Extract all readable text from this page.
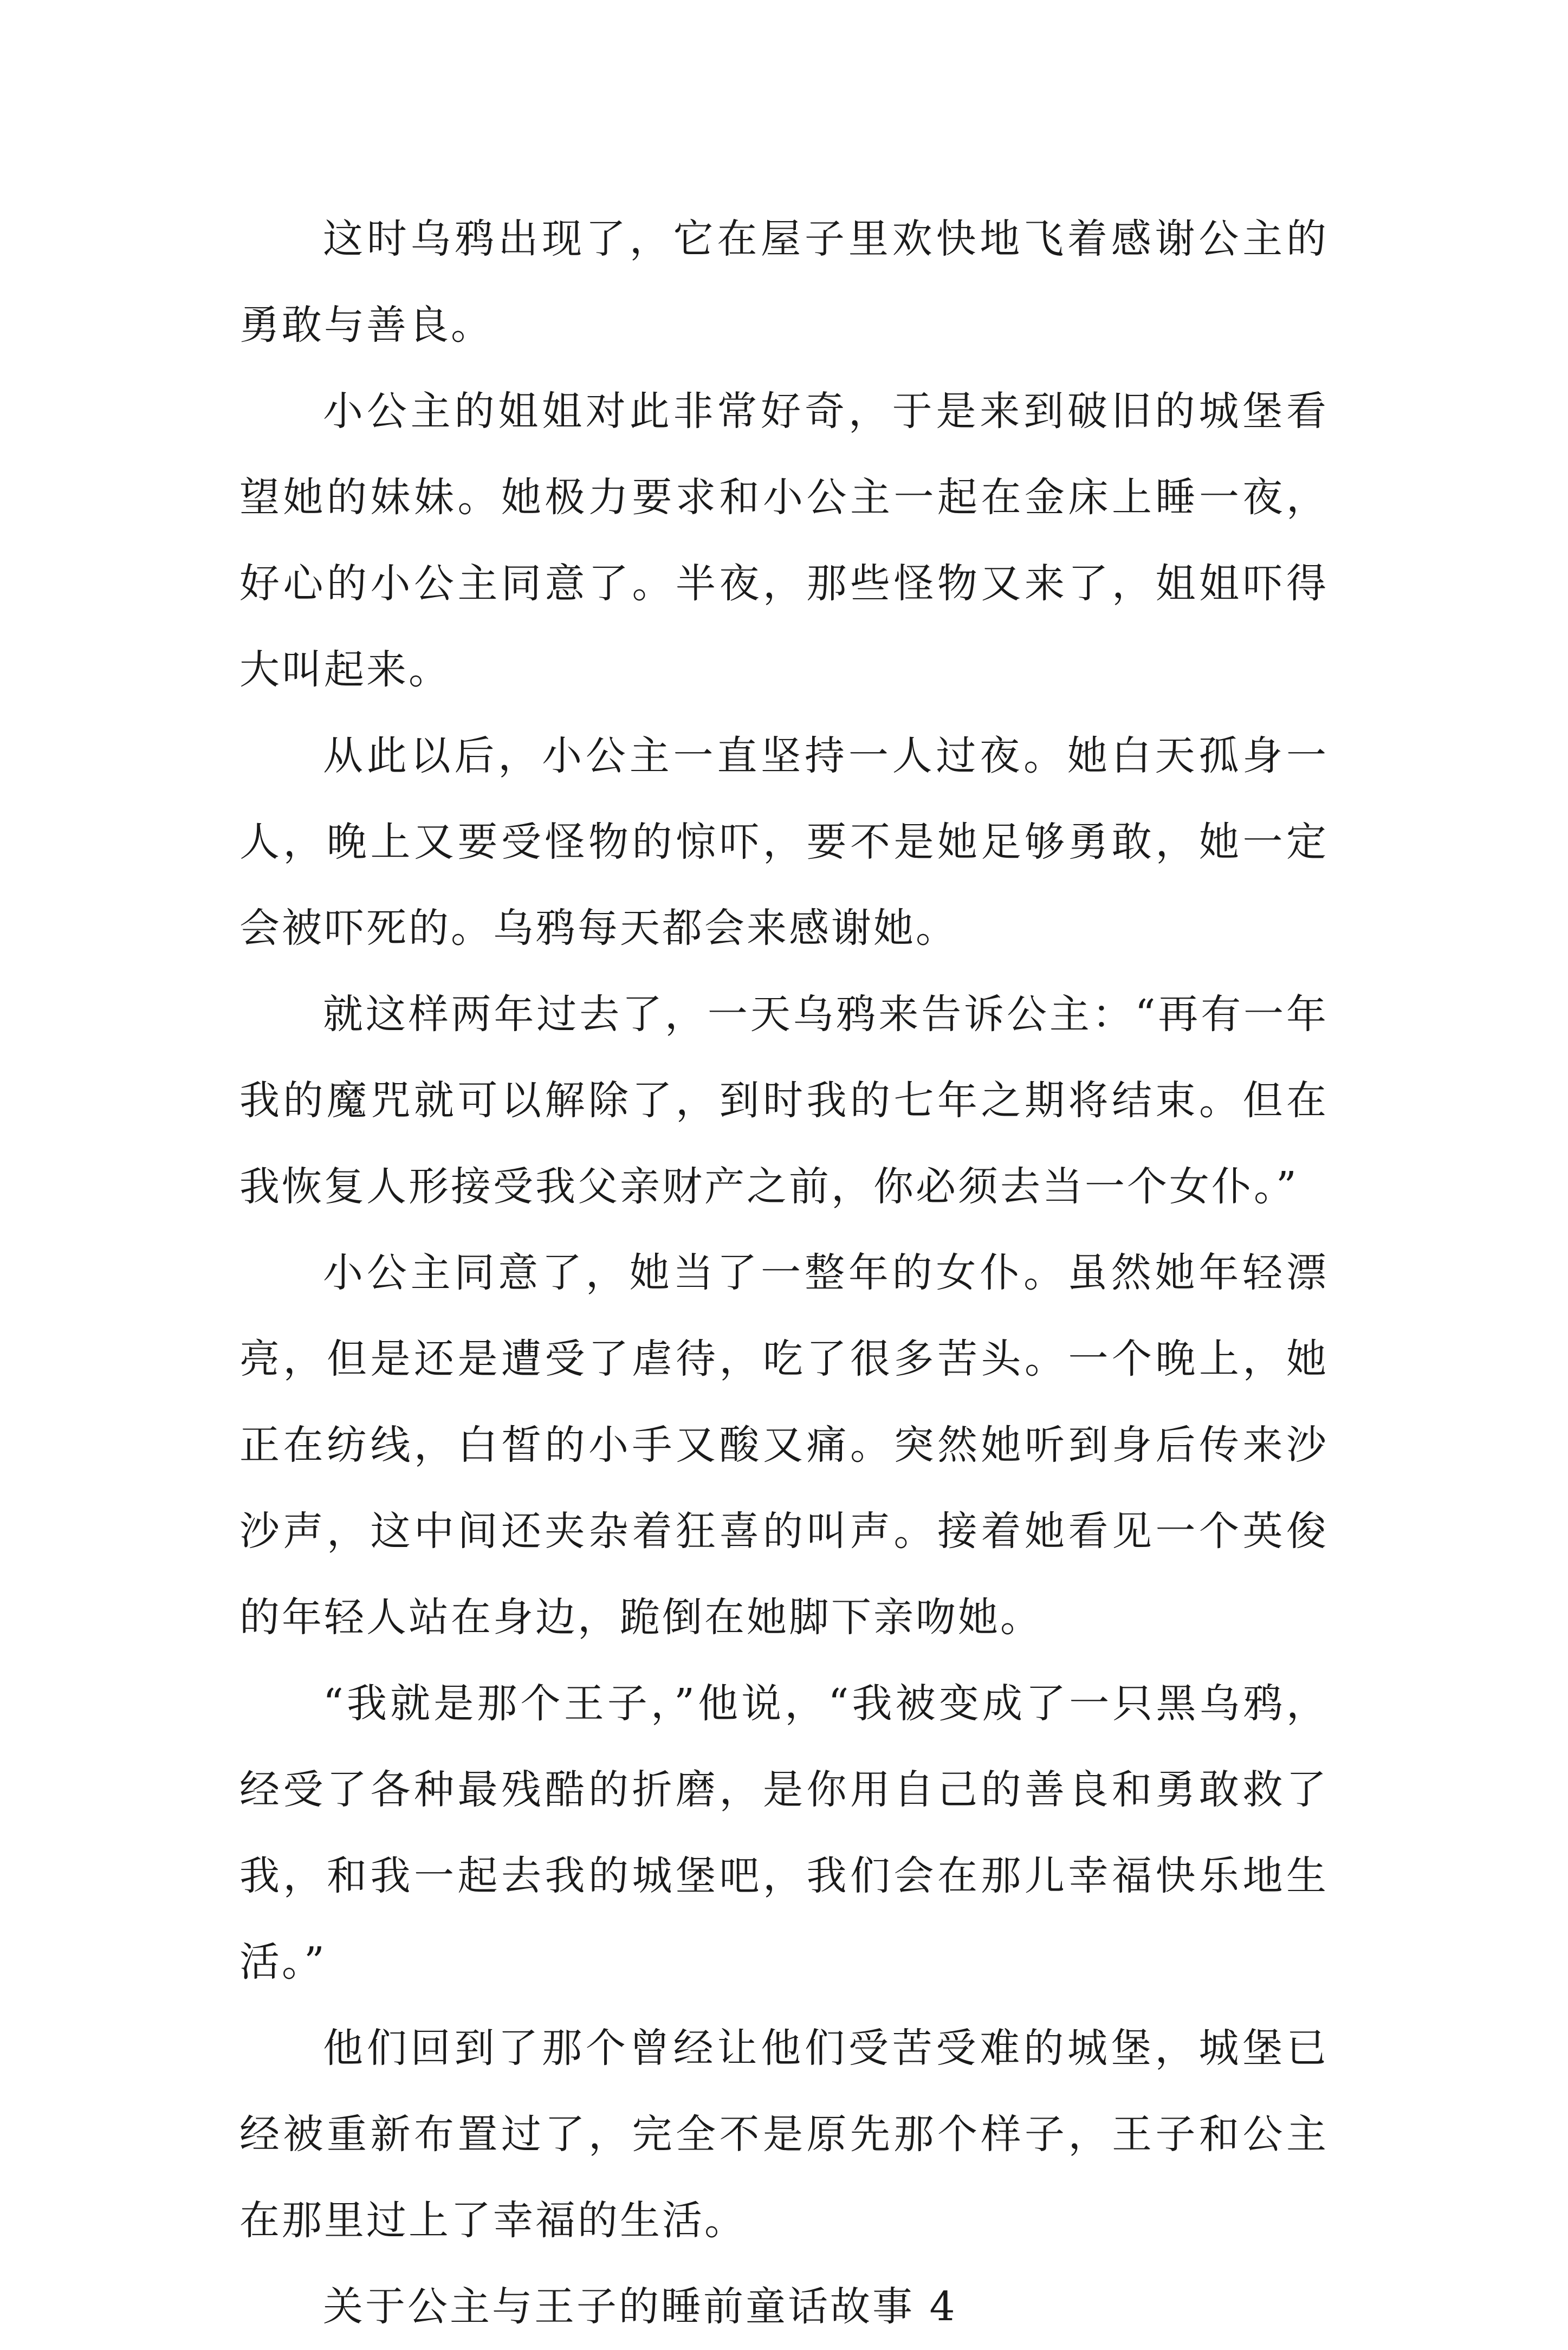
这时乌鸦出现了，它在屋子里欢快地飞着感谢公主的勇敢与善良。

小公主的姐姐对此非常好奇，于是来到破旧的城堡看望她的妹妹。她极力要求和小公主一起在金床上睡一夜，好心的小公主同意了。半夜，那些怪物又来了，姐姐吓得大叫起来。

从此以后，小公主一直坚持一人过夜。她白天孤身一人，晚上又要受怪物的惊吓，要不是她足够勇敢，她一定会被吓死的。乌鸦每天都会来感谢她。

就这样两年过去了，一天乌鸦来告诉公主：“再有一年我的魔咒就可以解除了，到时我的七年之期将结束。但在我恢复人形接受我父亲财产之前，你必须去当一个女仆。”

小公主同意了，她当了一整年的女仆。虽然她年轻漂亮，但是还是遭受了虐待，吃了很多苦头。一个晚上，她正在纺线，白皙的小手又酸又痛。突然她听到身后传来沙沙声，这中间还夹杂着狂喜的叫声。接着她看见一个英俊的年轻人站在身边，跪倒在她脚下亲吻她。

“我就是那个王子，”他说，“我被变成了一只黑乌鸦，经受了各种最残酷的折磨，是你用自己的善良和勇敢救了我，和我一起去我的城堡吧，我们会在那儿幸福快乐地生活。”

他们回到了那个曾经让他们受苦受难的城堡，城堡已经被重新布置过了，完全不是原先那个样子，王子和公主在那里过上了幸福的生活。

关于公主与王子的睡前童话故事 4
